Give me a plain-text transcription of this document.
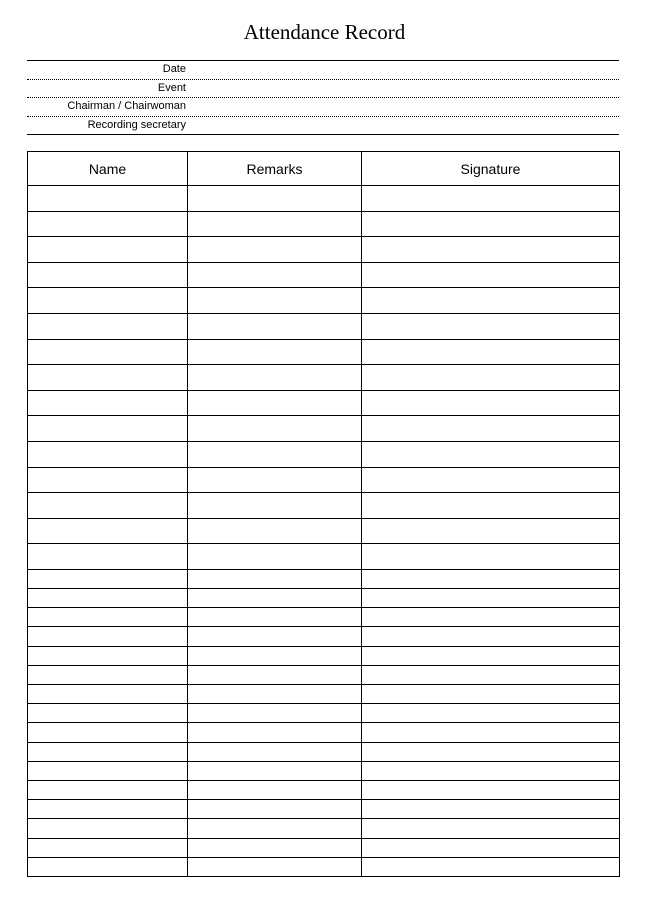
Attendance Record
Date
Event
Chairman / Chairwoman
Recording secretary
Name	Remarks	Signature
